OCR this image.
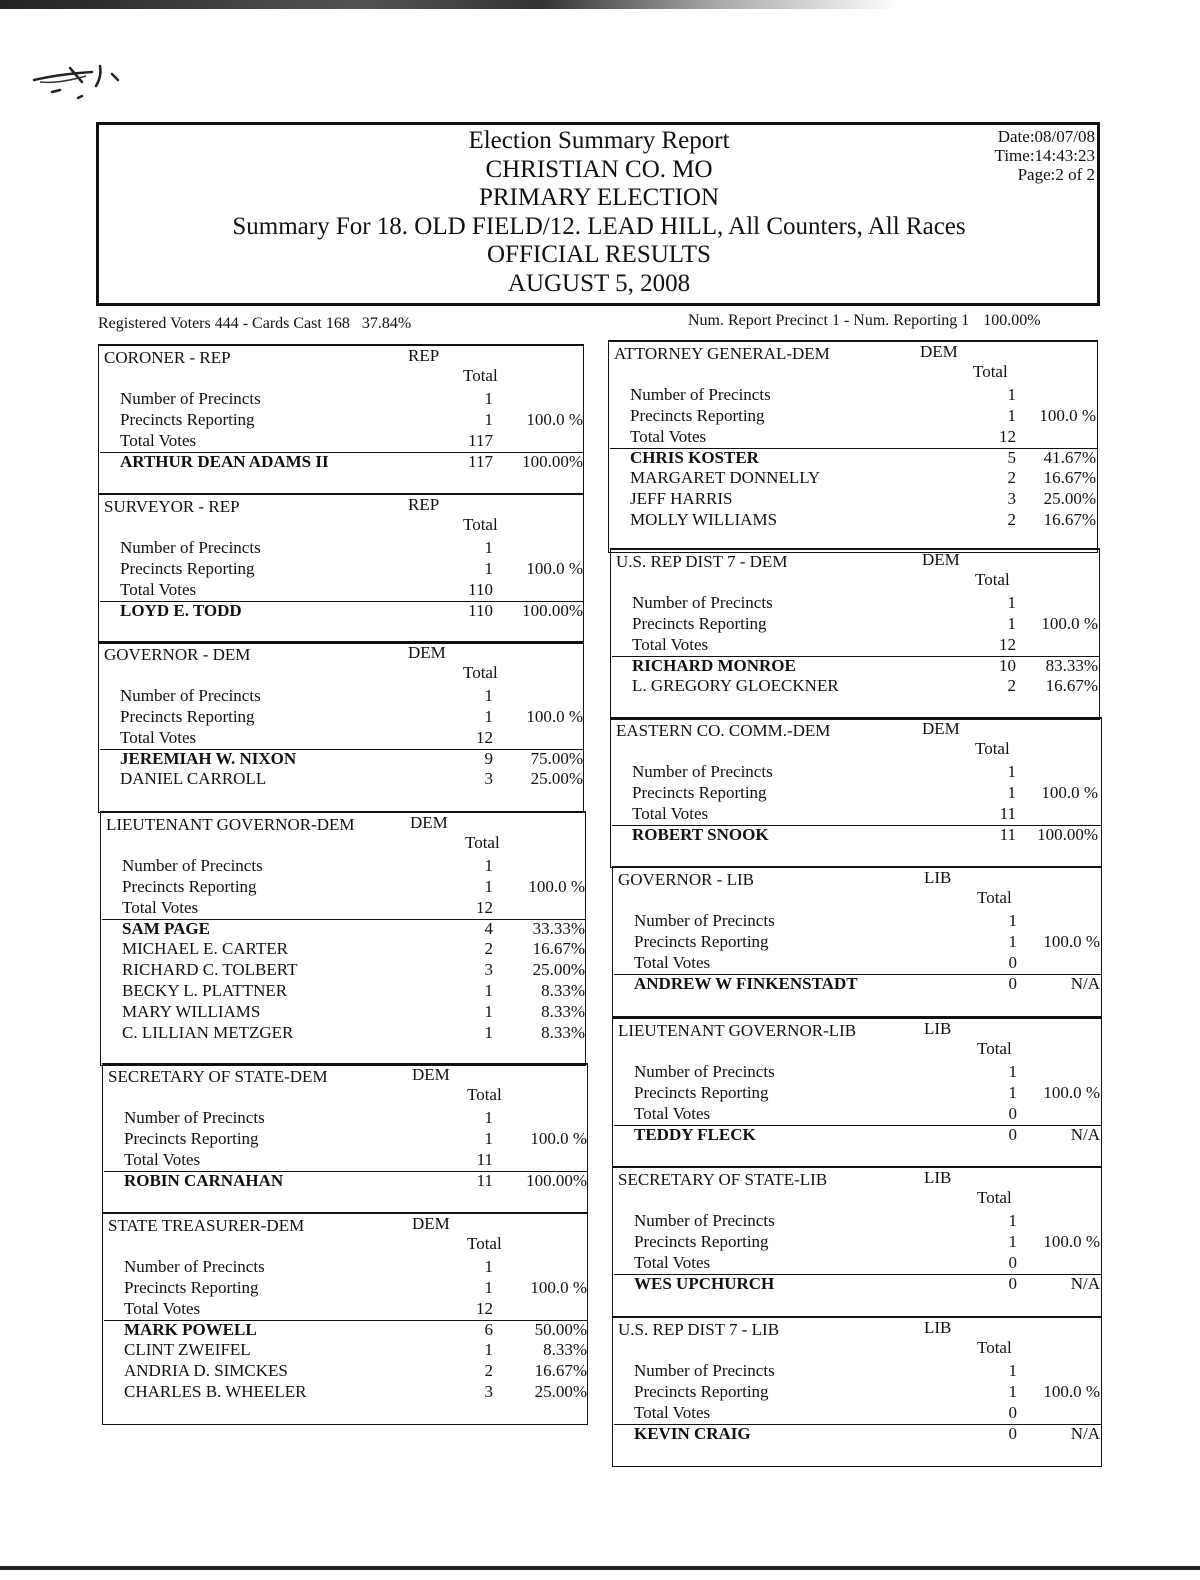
Election Summary Report
CHRISTIAN CO. MO
PRIMARY ELECTION
Summary For 18. OLD FIELD/12. LEAD HILL, All Counters, All Races
OFFICIAL RESULTS
AUGUST 5, 2008
Date:08/07/08
Time:14:43:23
Page:2 of 2
Registered Voters 444 - Cards Cast 168 37.84%	Num. Report Precinct 1 - Num. Reporting 1 100.00%
CORONER - REP	REP
Total
Number of Precincts	1
Precincts Reporting	1	100.0 %
Total Votes	117
ARTHUR DEAN ADAMS II	117	100.00%
SURVEYOR - REP	REP
Total
Number of Precincts	1
Precincts Reporting	1	100.0 %
Total Votes	110
LOYD E. TODD	110	100.00%
GOVERNOR - DEM	DEM
Total
Number of Precincts	1
Precincts Reporting	1	100.0 %
Total Votes	12
JEREMIAH W. NIXON	9	75.00%
DANIEL CARROLL	3	25.00%
LIEUTENANT GOVERNOR-DEM	DEM
Total
Number of Precincts	1
Precincts Reporting	1	100.0 %
Total Votes	12
SAM PAGE	4	33.33%
MICHAEL E. CARTER	2	16.67%
RICHARD C. TOLBERT	3	25.00%
BECKY L. PLATTNER	1	8.33%
MARY WILLIAMS	1	8.33%
C. LILLIAN METZGER	1	8.33%
SECRETARY OF STATE-DEM	DEM
Total
Number of Precincts	1
Precincts Reporting	1	100.0 %
Total Votes	11
ROBIN CARNAHAN	11	100.00%
STATE TREASURER-DEM	DEM
Total
Number of Precincts	1
Precincts Reporting	1	100.0 %
Total Votes	12
MARK POWELL	6	50.00%
CLINT ZWEIFEL	1	8.33%
ANDRIA D. SIMCKES	2	16.67%
CHARLES B. WHEELER	3	25.00%
ATTORNEY GENERAL-DEM	DEM
Total
Number of Precincts	1
Precincts Reporting	1	100.0 %
Total Votes	12
CHRIS KOSTER	5	41.67%
MARGARET DONNELLY	2	16.67%
JEFF HARRIS	3	25.00%
MOLLY WILLIAMS	2	16.67%
U.S. REP DIST 7 - DEM	DEM
Total
Number of Precincts	1
Precincts Reporting	1	100.0 %
Total Votes	12
RICHARD MONROE	10	83.33%
L. GREGORY GLOECKNER	2	16.67%
EASTERN CO. COMM.-DEM	DEM
Total
Number of Precincts	1
Precincts Reporting	1	100.0 %
Total Votes	11
ROBERT SNOOK	11	100.00%
GOVERNOR - LIB	LIB
Total
Number of Precincts	1
Precincts Reporting	1	100.0 %
Total Votes	0
ANDREW W FINKENSTADT	0	N/A
LIEUTENANT GOVERNOR-LIB	LIB
Total
Number of Precincts	1
Precincts Reporting	1	100.0 %
Total Votes	0
TEDDY FLECK	0	N/A
SECRETARY OF STATE-LIB	LIB
Total
Number of Precincts	1
Precincts Reporting	1	100.0 %
Total Votes	0
WES UPCHURCH	0	N/A
U.S. REP DIST 7 - LIB	LIB
Total
Number of Precincts	1
Precincts Reporting	1	100.0 %
Total Votes	0
KEVIN CRAIG	0	N/A
